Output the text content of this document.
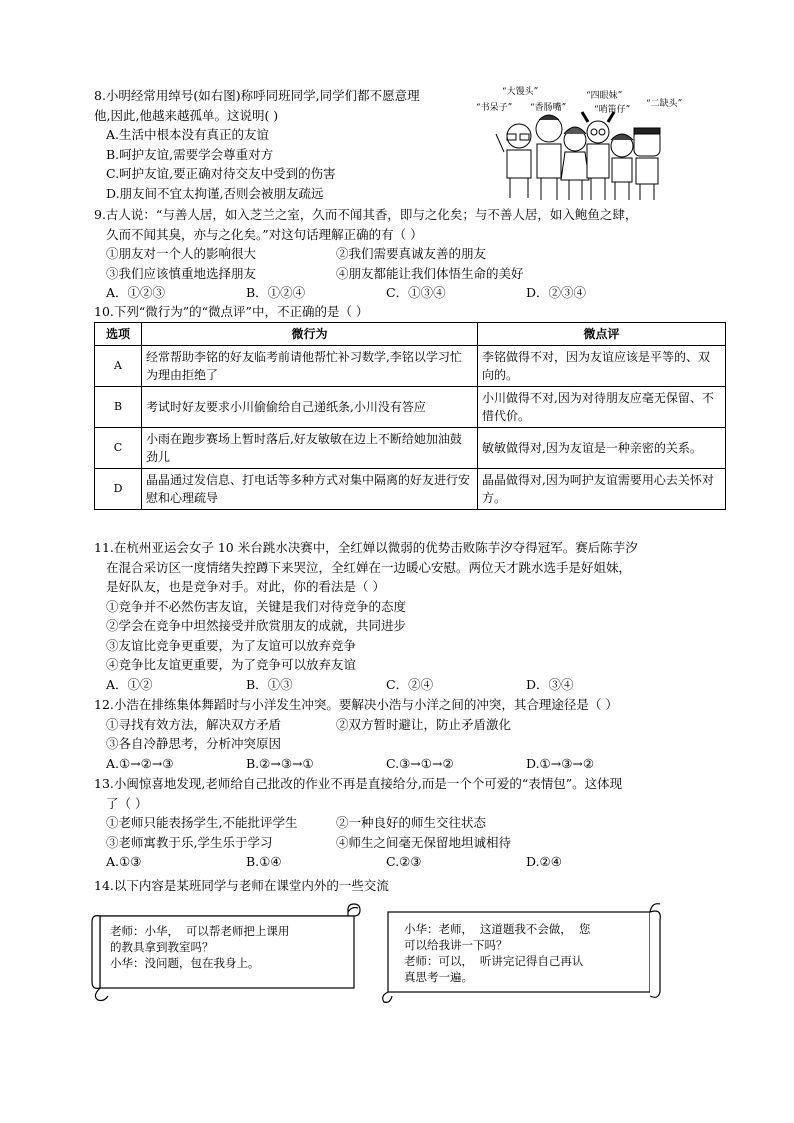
8.小明经常用绰号(如右图)称呼同班同学,同学们都不愿意理
他,因此,他越来越孤单。这说明( )
A.生活中根本没有真正的友谊
B.呵护友谊,需要学会尊重对方
C.呵护友谊,要正确对待交友中受到的伤害
D.朋友间不宜太拘谨,否则会被朋友疏远
“大馒头”	“四眼妹”
“书呆子” “香肠嘴”	“哨笛仔”
“二缺头”
9.古人说：“与善人居，如入芝兰之室，久而不闻其香，即与之化矣；与不善人居，如入鲍鱼之肆，
久而不闻其臭，亦与之化矣。”对这句话理解正确的有（ ）
①朋友对一个人的影响很大	②我们需要真诚友善的朋友
③我们应该慎重地选择朋友	④朋友都能让我们体悟生命的美好
A．①②③	B．①②④	C．①③④	D．②③④
10.下列“微行为”的“微点评”中，不正确的是（ ）
选项	微行为	微点评
A	经常帮助李铭的好友临考前请他帮忙补习数学,李铭以学习忙为理由拒绝了	李铭做得不对，因为友谊应该是平等的、双向的。
B	考试时好友要求小川偷偷给自己递纸条,小川没有答应	小川做得不对,因为对待朋友应毫无保留、不惜代价。
C	小雨在跑步赛场上暂时落后,好友敏敏在边上不断给她加油鼓劲儿	敏敏做得对,因为友谊是一种亲密的关系。
D	晶晶通过发信息、打电话等多种方式对集中隔离的好友进行安慰和心理疏导	晶晶做得对,因为呵护友谊需要用心去关怀对方。
11.在杭州亚运会女子 10 米台跳水决赛中，全红婵以微弱的优势击败陈芋汐夺得冠军。赛后陈芋汐
在混合采访区一度情绪失控蹲下来哭泣，全红婵在一边暖心安慰。两位天才跳水选手是好姐妹，
是好队友，也是竞争对手。对此，你的看法是（ ）
①竞争并不必然伤害友谊，关键是我们对待竞争的态度
②学会在竞争中坦然接受并欣赏朋友的成就，共同进步
③友谊比竞争更重要，为了友谊可以放弃竞争
④竞争比友谊更重要，为了竞争可以放弃友谊
A．①②	B．①③	C．②④	D．③④
12.小浩在排练集体舞蹈时与小洋发生冲突。要解决小浩与小洋之间的冲突，其合理途径是（ ）
①寻找有效方法，解决双方矛盾	②双方暂时避让，防止矛盾激化
③各自冷静思考，分析冲突原因
A.①→②→③	B.②→③→①	C.③→①→②	D.①→③→②
13.小闽惊喜地发现,老师给自己批改的作业不再是直接给分,而是一个个可爱的“表情包”。这体现
了（ ）
①老师只能表扬学生,不能批评学生	②一种良好的师生交往状态
③老师寓教于乐,学生乐于学习	④师生之间毫无保留地坦诚相待
A.①③	B.①④	C.②③	D.②④
14.以下内容是某班同学与老师在课堂内外的一些交流
老师：小华， 可以帮老师把上课用
的教具拿到教室吗？
小华：没问题，包在我身上。
小华：老师， 这道题我不会做， 您
可以给我讲一下吗？
老师：可以， 听讲完记得自己再认
真思考一遍。
